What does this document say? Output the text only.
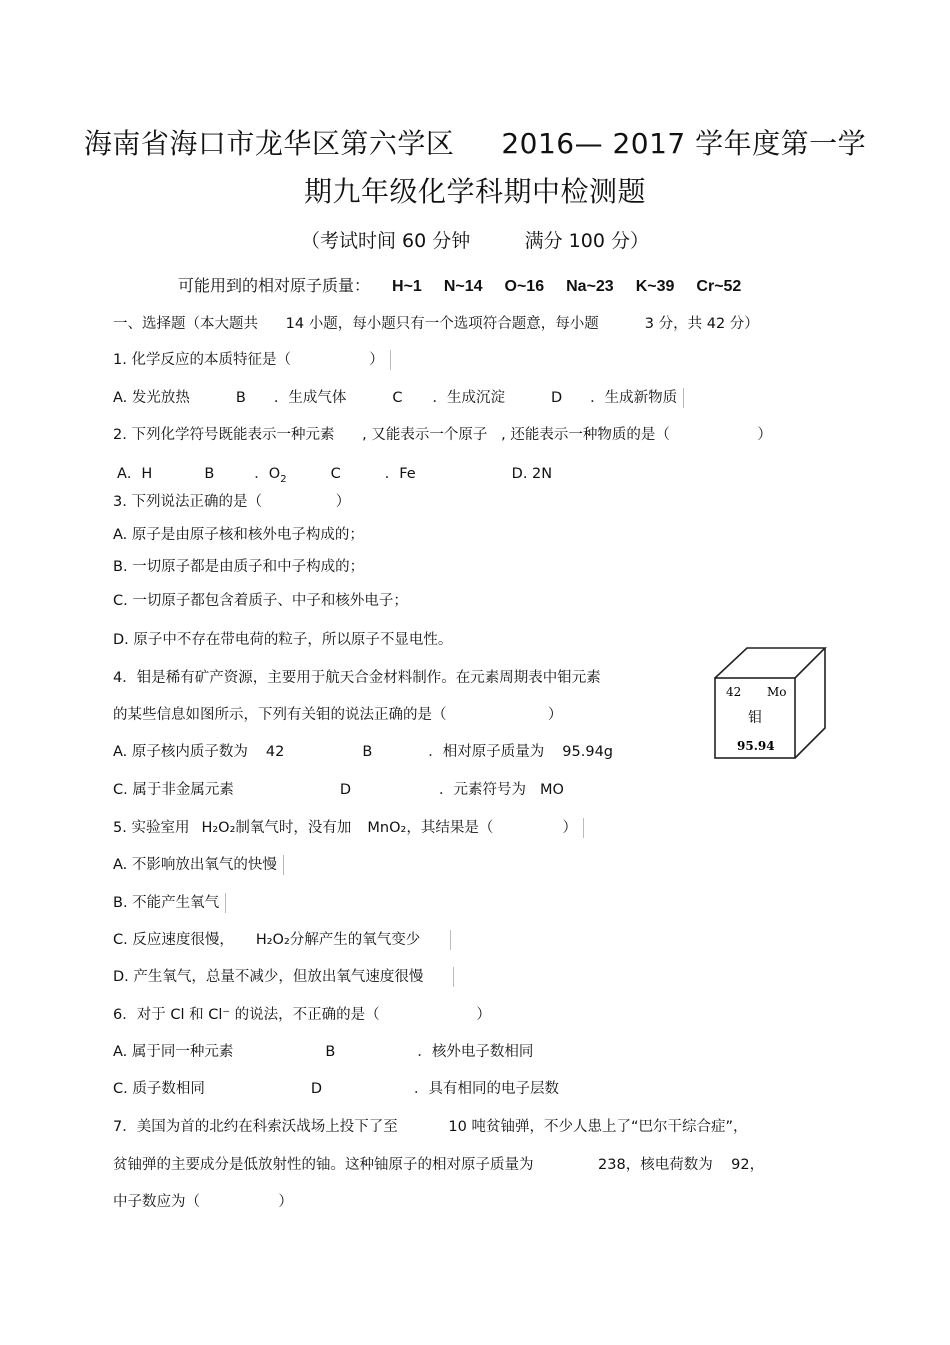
海南省海口市龙华区第六学区     2016— 2017 学年度第一学
期九年级化学科期中检测题
（考试时间 60 分钟         满分 100 分）
可能用到的相对原子质量： H~1 N~14 O~16 Na~23 K~39 Cr~52
一、选择题（本大题共      14 小题，每小题只有一个选项符合题意，每小题          3 分，共 42 分）
1. 化学反应的本质特征是（                 ）
A. 发光放热	B ．生成气体	C ．生成沉淀	D ．生成新物质
2. 下列化学符号既能表示一种元素      , 又能表示一个原子   , 还能表示一种物质的是（                   ）
A．H	B	．$O_2$	C	．Fe	D. 2N
3. 下列说法正确的是（                ）
A. 原子是由原子核和核外电子构成的；
B. 一切原子都是由质子和中子构成的；
C. 一切原子都包含着质子、中子和核外电子；
D. 原子中不存在带电荷的粒子，所以原子不显电性。
4．钼是稀有矿产资源，主要用于航天合金材料制作。在元素周期表中钼元素
的某些信息如图所示，下列有关钼的说法正确的是（                      ）
A. 原子核内质子数为 42	B	．相对原子质量为 95.94g
C. 属于非金属元素	D	．元素符号为 MO
42 Mo
钼
95.94
5. 实验室用 H₂O₂制氧气时，没有加 MnO₂，其结果是（               ）
A. 不影响放出氧气的快慢
B. 不能产生氧气
C. 反应速度很慢， H₂O₂分解产生的氧气变少
D. 产生氧气，总量不减少，但放出氧气速度很慢
6．对于 Cl 和 Cl⁻ 的说法，不正确的是（                     ）
A. 属于同一种元素	B	．核外电子数相同
C. 质子数相同	D	．具有相同的电子层数
7．美国为首的北约在科索沃战场上投下了至           10 吨贫铀弹，不少人患上了“巴尔干综合症”，
贫铀弹的主要成分是低放射性的铀。这种铀原子的相对原子质量为              238，核电荷数为    92，
中子数应为（                 ）
